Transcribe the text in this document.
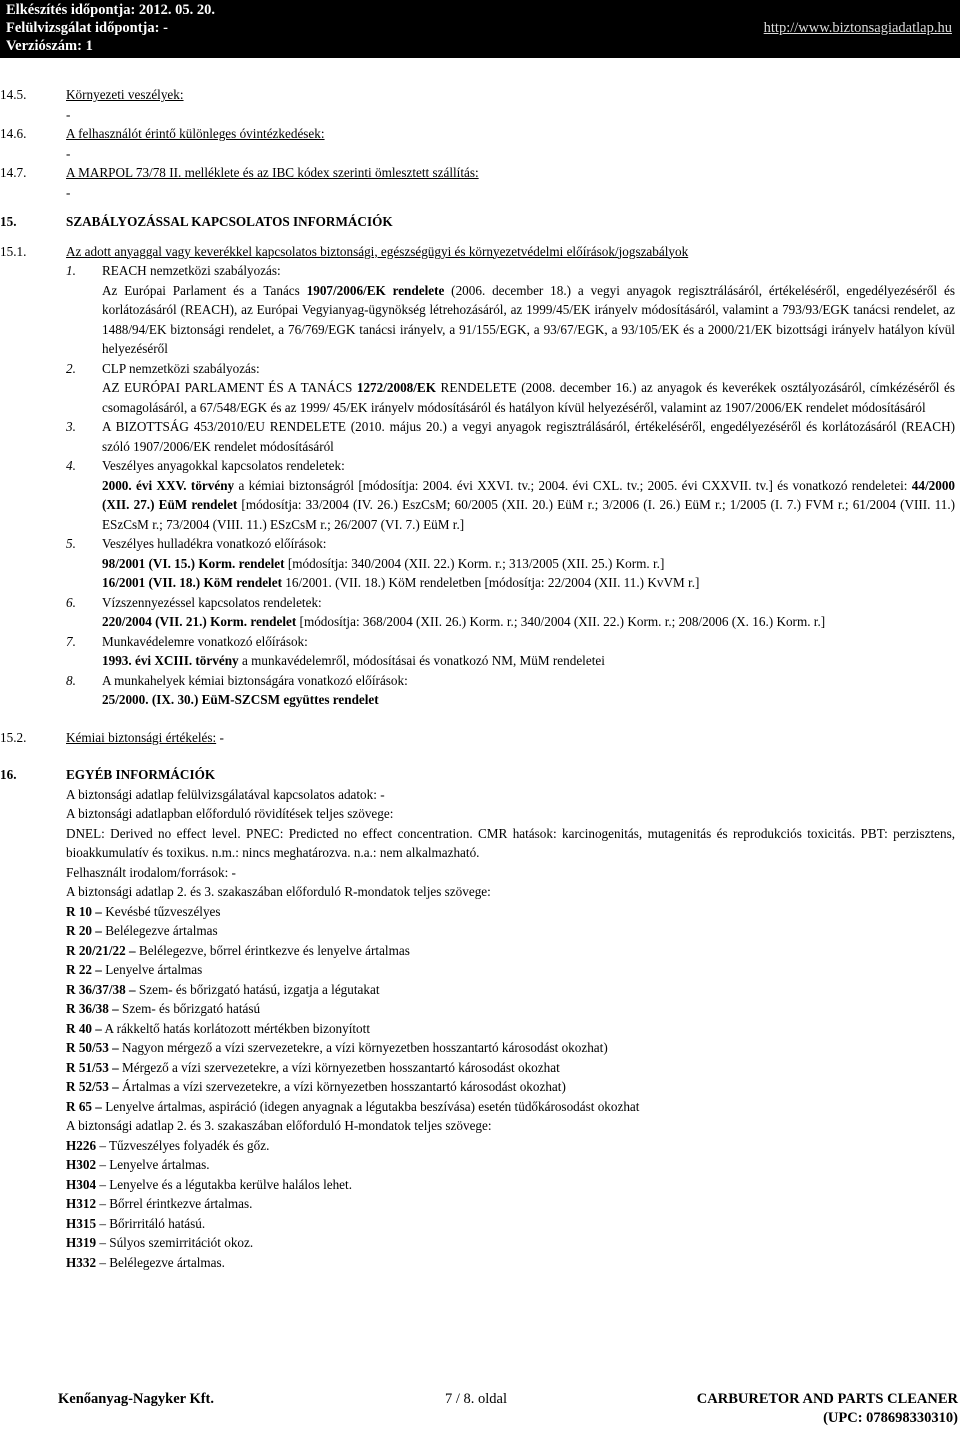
Elkészítés időpontja: 2012. 05. 20.
Felülvizsgálat időpontja: -
Verziószám: 1
http://www.biztonsagiadatlap.hu
14.5.	Környezeti veszélyek:
-
14.6.	A felhasználót érintő különleges óvintézkedések:
-
14.7.	A MARPOL 73/78 II. melléklete és az IBC kódex szerinti ömlesztett szállítás:
-
15.	SZABÁLYOZÁSSAL KAPCSOLATOS INFORMÁCIÓK
15.1.	Az adott anyaggal vagy keverékkel kapcsolatos biztonsági, egészségügyi és környezetvédelmi előírások/jogszabályok
1. REACH nemzetközi szabályozás:
Az Európai Parlament és a Tanács 1907/2006/EK rendelete (2006. december 18.) a vegyi anyagok regisztrálásáról, értékeléséről, engedélyezéséről és korlátozásáról (REACH), az Európai Vegyianyag-ügynökség létrehozásáról, az 1999/45/EK irányelv módosításáról, valamint a 793/93/EGK tanácsi rendelet, az 1488/94/EK biztonsági rendelet, a 76/769/EGK tanácsi irányelv, a 91/155/EGK, a 93/67/EGK, a 93/105/EK és a 2000/21/EK bizottsági irányelv hatályon kívül helyezéséről
2. CLP nemzetközi szabályozás:
AZ EURÓPAI PARLAMENT ÉS A TANÁCS 1272/2008/EK RENDELETE (2008. december 16.) az anyagok és keverékek osztályozásáról, címkézéséről és csomagolásáról, a 67/548/EGK és az 1999/ 45/EK irányelv módosításáról és hatályon kívül helyezéséről, valamint az 1907/2006/EK rendelet módosításáról
3. A BIZOTTSÁG 453/2010/EU RENDELETE (2010. május 20.) a vegyi anyagok regisztrálásáról, értékeléséről, engedélyezéséről és korlátozásáról (REACH) szóló 1907/2006/EK rendelet módosításáról
4. Veszélyes anyagokkal kapcsolatos rendeletek:
2000. évi XXV. törvény a kémiai biztonságról [módosítja: 2004. évi XXVI. tv.; 2004. évi CXL. tv.; 2005. évi CXXVII. tv.] és vonatkozó rendeletei: 44/2000 (XII. 27.) EüM rendelet [módosítja: 33/2004 (IV. 26.) EszCsM; 60/2005 (XII. 20.) EüM r.; 3/2006 (I. 26.) EüM r.; 1/2005 (I. 7.) FVM r.; 61/2004 (VIII. 11.) ESzCsM r.; 73/2004 (VIII. 11.) ESzCsM r.; 26/2007 (VI. 7.) EüM r.]
5. Veszélyes hulladékra vonatkozó előírások:
98/2001 (VI. 15.) Korm. rendelet [módosítja: 340/2004 (XII. 22.) Korm. r.; 313/2005 (XII. 25.) Korm. r.]
16/2001 (VII. 18.) KöM rendelet 16/2001. (VII. 18.) KöM rendeletben [módosítja: 22/2004 (XII. 11.) KvVM r.]
6. Vízszennyezéssel kapcsolatos rendeletek:
220/2004 (VII. 21.) Korm. rendelet [módosítja: 368/2004 (XII. 26.) Korm. r.; 340/2004 (XII. 22.) Korm. r.; 208/2006 (X. 16.) Korm. r.]
7. Munkavédelemre vonatkozó előírások:
1993. évi XCIII. törvény a munkavédelemről, módosításai és vonatkozó NM, MüM rendeletei
8. A munkahelyek kémiai biztonságára vonatkozó előírások:
25/2000. (IX. 30.) EüM-SZCSM együttes rendelet
15.2.	Kémiai biztonsági értékelés: -
16.	EGYÉB INFORMÁCIÓK
A biztonsági adatlap felülvizsgálatával kapcsolatos adatok: -
A biztonsági adatlapban előforduló rövidítések teljes szövege:
DNEL: Derived no effect level. PNEC: Predicted no effect concentration. CMR hatások: karcinogenitás, mutagenitás és reprodukciós toxicitás. PBT: perzisztens, bioakkumulatív és toxikus. n.m.: nincs meghatározva. n.a.: nem alkalmazható.
Felhasznált irodalom/források: -
A biztonsági adatlap 2. és 3. szakaszában előforduló R-mondatok teljes szövege:
R 10 – Kevésbé tűzveszélyes
R 20 – Belélegezve ártalmas
R 20/21/22 – Belélegezve, bőrrel érintkezve és lenyelve ártalmas
R 22 – Lenyelve ártalmas
R 36/37/38 – Szem- és bőrizgató hatású, izgatja a légutakat
R 36/38 – Szem- és bőrizgató hatású
R 40 – A rákkeltő hatás korlátozott mértékben bizonyított
R 50/53 – Nagyon mérgező a vízi szervezetekre, a vízi környezetben hosszantartó károsodást okozhat)
R 51/53 – Mérgező a vízi szervezetekre, a vízi környezetben hosszantartó károsodást okozhat
R 52/53 – Ártalmas a vízi szervezetekre, a vízi környezetben hosszantartó károsodást okozhat)
R 65 – Lenyelve ártalmas, aspiráció (idegen anyagnak a légutakba beszívása) esetén tüdőkárosodást okozhat
A biztonsági adatlap 2. és 3. szakaszában előforduló H-mondatok teljes szövege:
H226 – Tűzveszélyes folyadék és gőz.
H302 – Lenyelve ártalmas.
H304 – Lenyelve és a légutakba kerülve halálos lehet.
H312 – Bőrrel érintkezve ártalmas.
H315 – Bőrirritáló hatású.
H319 – Súlyos szemirritációt okoz.
H332 – Belélegezve ártalmas.
Kenőanyag-Nagyker Kft.	7 / 8. oldal	CARBURETOR AND PARTS CLEANER
(UPC: 078698330310)
